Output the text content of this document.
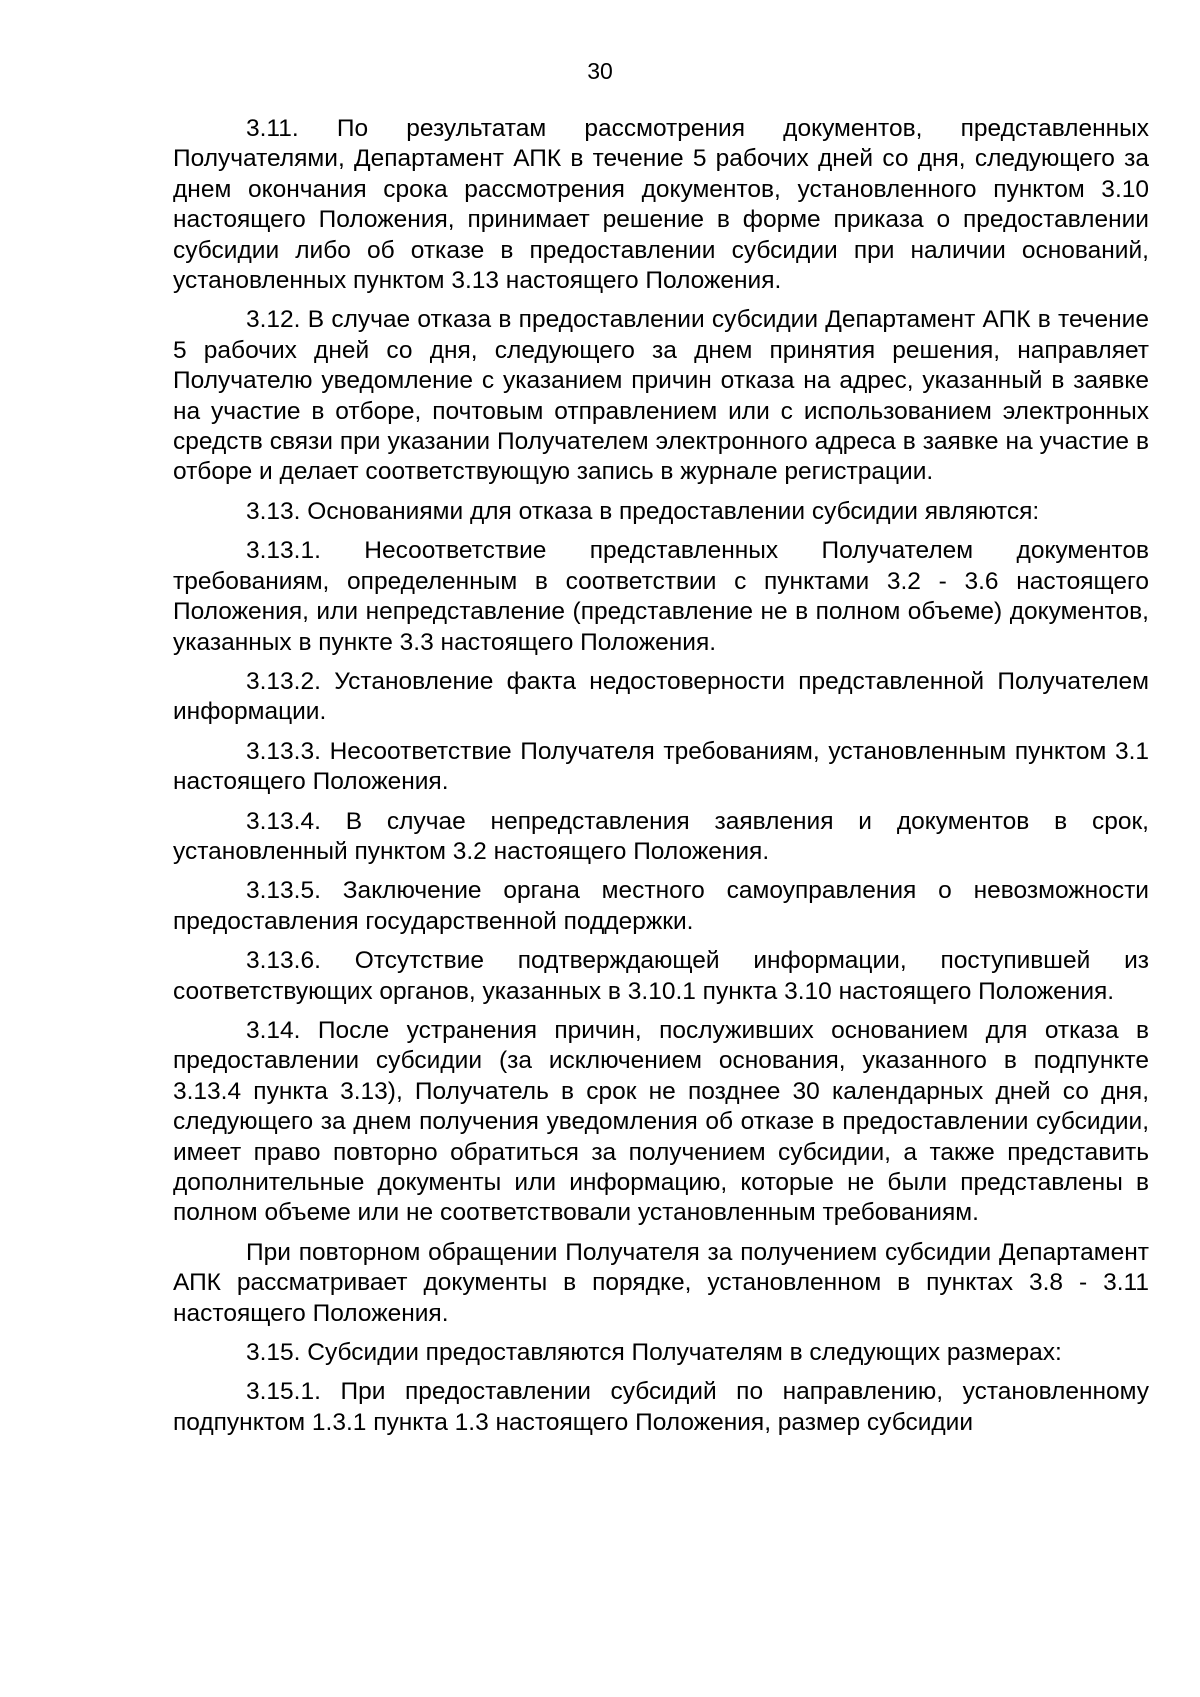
30

3.11. По результатам рассмотрения документов, представленных Получателями, Департамент АПК в течение 5 рабочих дней со дня, следующего за днем окончания срока рассмотрения документов, установленного пунктом 3.10 настоящего Положения, принимает решение в форме приказа о предоставлении субсидии либо об отказе в предоставлении субсидии при наличии оснований, установленных пунктом 3.13 настоящего Положения.

3.12. В случае отказа в предоставлении субсидии Департамент АПК в течение 5 рабочих дней со дня, следующего за днем принятия решения, направляет Получателю уведомление с указанием причин отказа на адрес, указанный в заявке на участие в отборе, почтовым отправлением или с использованием электронных средств связи при указании Получателем электронного адреса в заявке на участие в отборе и делает соответствующую запись в журнале регистрации.

3.13. Основаниями для отказа в предоставлении субсидии являются:

3.13.1. Несоответствие представленных Получателем документов требованиям, определенным в соответствии с пунктами 3.2 - 3.6 настоящего Положения, или непредставление (представление не в полном объеме) документов, указанных в пункте 3.3 настоящего Положения.

3.13.2. Установление факта недостоверности представленной Получателем информации.

3.13.3. Несоответствие Получателя требованиям, установленным пунктом 3.1 настоящего Положения.

3.13.4. В случае непредставления заявления и документов в срок, установленный пунктом 3.2 настоящего Положения.

3.13.5. Заключение органа местного самоуправления о невозможности предоставления государственной поддержки.

3.13.6. Отсутствие подтверждающей информации, поступившей из соответствующих органов, указанных в 3.10.1 пункта 3.10 настоящего Положения.

3.14. После устранения причин, послуживших основанием для отказа в предоставлении субсидии (за исключением основания, указанного в подпункте 3.13.4 пункта 3.13), Получатель в срок не позднее 30 календарных дней со дня, следующего за днем получения уведомления об отказе в предоставлении субсидии, имеет право повторно обратиться за получением субсидии, а также представить дополнительные документы или информацию, которые не были представлены в полном объеме или не соответствовали установленным требованиям.

При повторном обращении Получателя за получением субсидии Департамент АПК рассматривает документы в порядке, установленном в пунктах 3.8 - 3.11 настоящего Положения.

3.15. Субсидии предоставляются Получателям в следующих размерах:

3.15.1. При предоставлении субсидий по направлению, установленному подпунктом 1.3.1 пункта 1.3 настоящего Положения, размер субсидии
